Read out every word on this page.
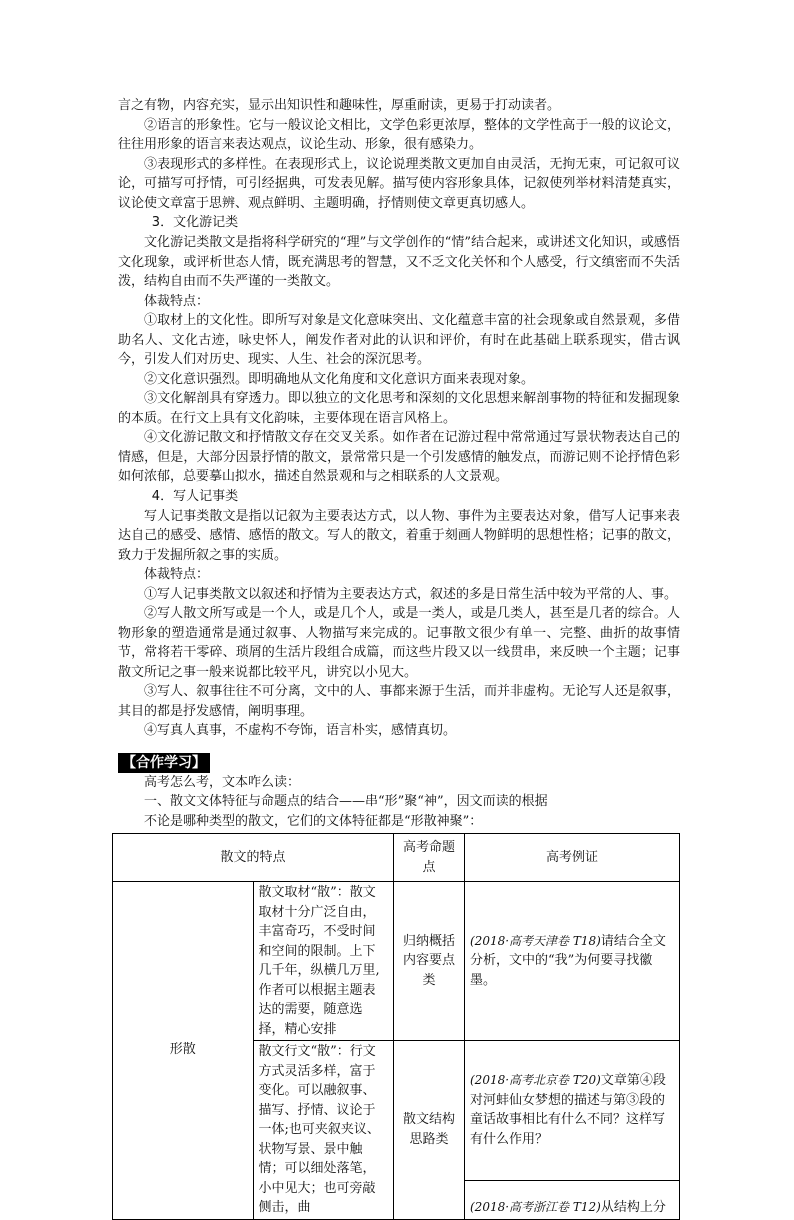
言之有物，内容充实，显示出知识性和趣味性，厚重耐读，更易于打动读者。

②语言的形象性。它与一般议论文相比，文学色彩更浓厚，整体的文学性高于一般的议论文，往往用形象的语言来表达观点，议论生动、形象，很有感染力。

③表现形式的多样性。在表现形式上，议论说理类散文更加自由灵活，无拘无束，可记叙可议论，可描写可抒情，可引经据典，可发表见解。描写使内容形象具体，记叙使列举材料清楚真实，议论使文章富于思辨、观点鲜明、主题明确，抒情则使文章更真切感人。

3．文化游记类

文化游记类散文是指将科学研究的“理”与文学创作的“情”结合起来，或讲述文化知识，或感悟文化现象，或评析世态人情，既充满思考的智慧，又不乏文化关怀和个人感受，行文缜密而不失活泼，结构自由而不失严谨的一类散文。

体裁特点：

①取材上的文化性。即所写对象是文化意味突出、文化蕴意丰富的社会现象或自然景观，多借助名人、文化古迹，咏史怀人，阐发作者对此的认识和评价，有时在此基础上联系现实，借古讽今，引发人们对历史、现实、人生、社会的深沉思考。

②文化意识强烈。即明确地从文化角度和文化意识方面来表现对象。

③文化解剖具有穿透力。即以独立的文化思考和深刻的文化思想来解剖事物的特征和发掘现象的本质。在行文上具有文化韵味，主要体现在语言风格上。

④文化游记散文和抒情散文存在交叉关系。如作者在记游过程中常常通过写景状物表达自己的情感，但是，大部分因景抒情的散文，景常常只是一个引发感情的触发点，而游记则不论抒情色彩如何浓郁，总要摹山拟水，描述自然景观和与之相联系的人文景观。

4．写人记事类

写人记事类散文是指以记叙为主要表达方式，以人物、事件为主要表达对象，借写人记事来表达自己的感受、感情、感悟的散文。写人的散文，着重于刻画人物鲜明的思想性格；记事的散文，致力于发掘所叙之事的实质。

体裁特点：

①写人记事类散文以叙述和抒情为主要表达方式，叙述的多是日常生活中较为平常的人、事。

②写人散文所写或是一个人，或是几个人，或是一类人，或是几类人，甚至是几者的综合。人物形象的塑造通常是通过叙事、人物描写来完成的。记事散文很少有单一、完整、曲折的故事情节，常将若干零碎、琐屑的生活片段组合成篇，而这些片段又以一线贯串，来反映一个主题；记事散文所记之事一般来说都比较平凡，讲究以小见大。

③写人、叙事往往不可分离，文中的人、事都来源于生活，而并非虚构。无论写人还是叙事，其目的都是抒发感情，阐明事理。

④写真人真事，不虚构不夸饰，语言朴实，感情真切。

【合作学习】

高考怎么考，文本咋么读：

一、散文文体特征与命题点的结合——串“形”聚“神”，因文而读的根据

不论是哪种类型的散文，它们的文体特征都是“形散神聚”：

散文的特点		高考命题点	高考例证
形散	散文取材“散”：散文取材十分广泛自由，丰富奇巧，不受时间和空间的限制。上下几千年，纵横几万里,作者可以根据主题表达的需要，随意选择，精心安排	归纳概括内容要点类	(2018·高考天津卷 T18)请结合全文分析，文中的“我”为何要寻找徽墨。
	散文行文“散”：行文方式灵活多样，富于变化。可以融叙事、描写、抒情、议论于一体;也可夹叙夹议、状物写景、景中触情；可以细处落笔，小中见大；也可旁敲侧击，曲	散文结构思路类	(2018·高考北京卷 T20)文章第④段对河蚌仙女梦想的描述与第③段的童话故事相比有什么不同？这样写有什么作用？
			(2018·高考浙江卷 T12)从结构上分
